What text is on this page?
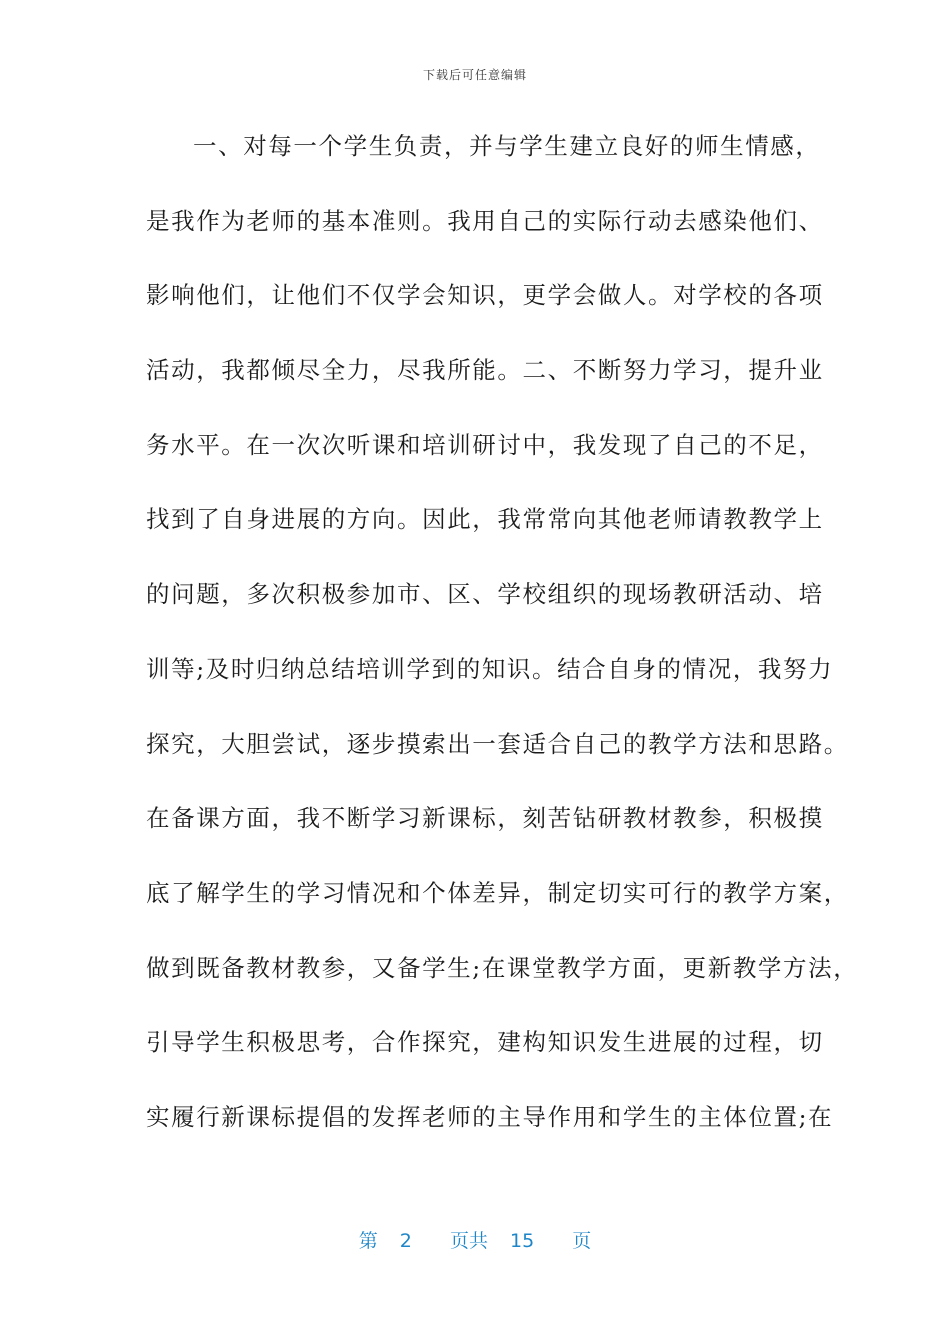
下载后可任意编辑
一、对每一个学生负责，并与学生建立良好的师生情感，
是我作为老师的基本准则。我用自己的实际行动去感染他们、
影响他们，让他们不仅学会知识，更学会做人。对学校的各项
活动，我都倾尽全力，尽我所能。二、不断努力学习，提升业
务水平。在一次次听课和培训研讨中，我发现了自己的不足，
找到了自身进展的方向。因此，我常常向其他老师请教教学上
的问题，多次积极参加市、区、学校组织的现场教研活动、培
训等;及时归纳总结培训学到的知识。结合自身的情况，我努力
探究，大胆尝试，逐步摸索出一套适合自己的教学方法和思路。
在备课方面，我不断学习新课标，刻苦钻研教材教参，积极摸
底了解学生的学习情况和个体差异，制定切实可行的教学方案，
做到既备教材教参，又备学生;在课堂教学方面，更新教学方法，
引导学生积极思考，合作探究，建构知识发生进展的过程，切
实履行新课标提倡的发挥老师的主导作用和学生的主体位置;在
第 2 页共 15 页
